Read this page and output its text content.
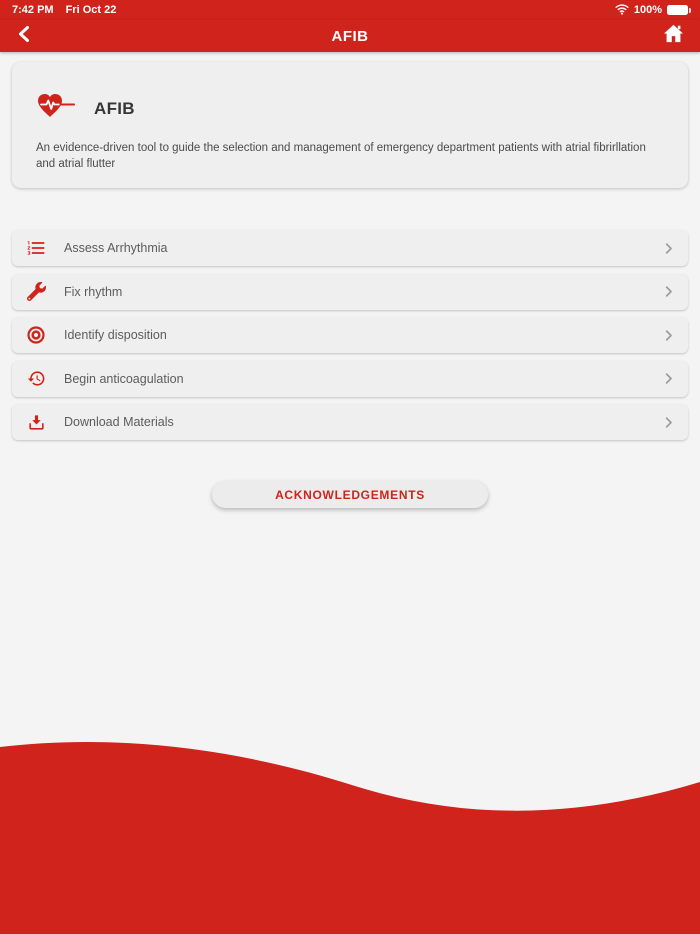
7:42 PM Fri Oct 22	100%
AFIB
AFIB

An evidence-driven tool to guide the selection and management of emergency department patients with atrial fibrirllation and atrial flutter

Assess Arrhythmia
Fix rhythm
Identify disposition
Begin anticoagulation
Download Materials
ACKNOWLEDGEMENTS
